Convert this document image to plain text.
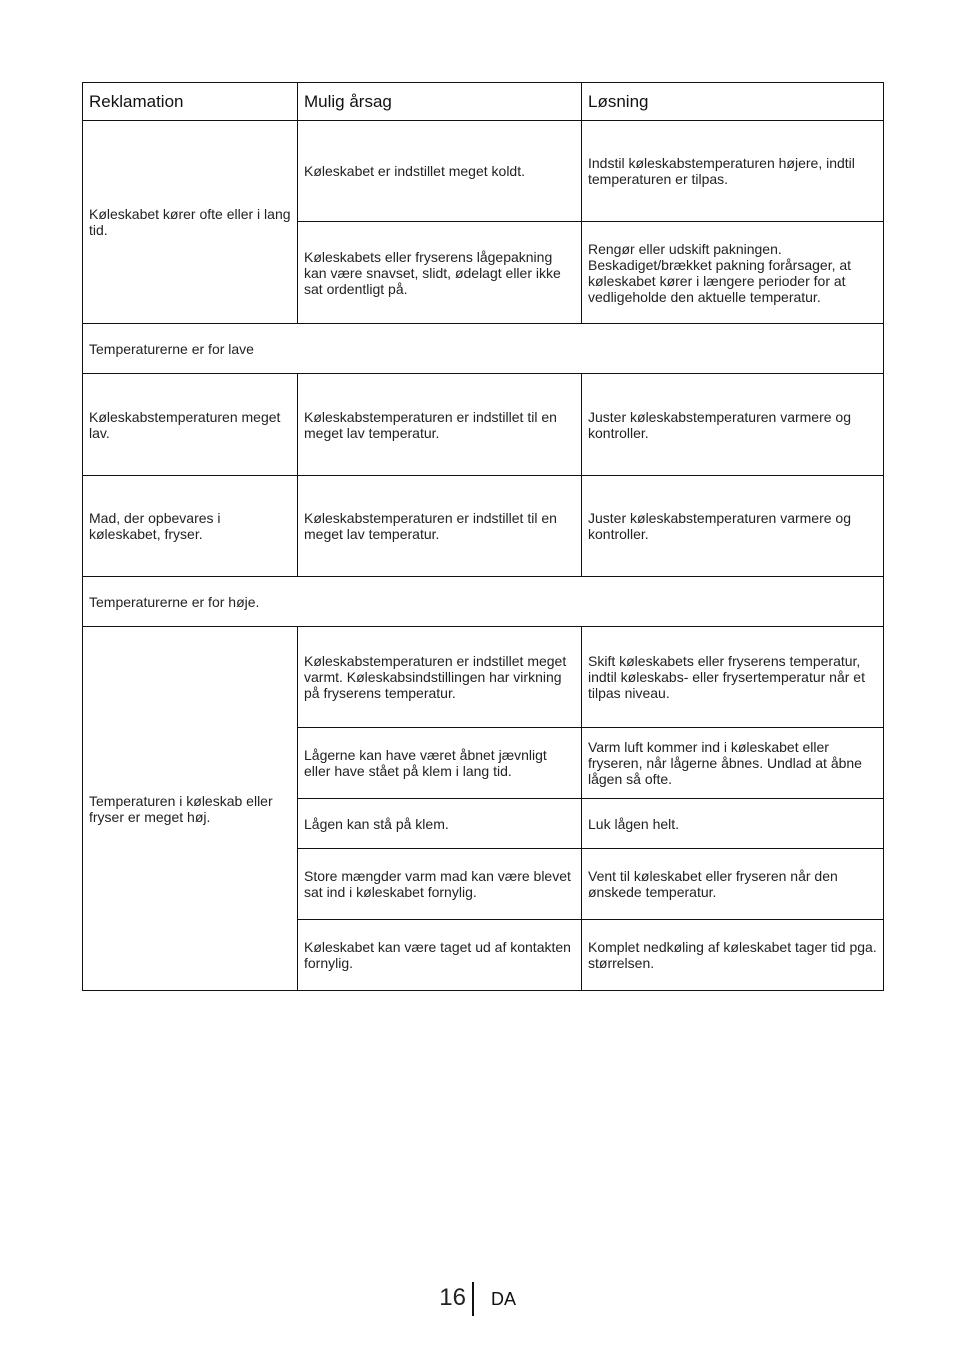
Reklamation	Mulig årsag	Løsning
Køleskabet kører ofte eller i lang tid.	Køleskabet er indstillet meget koldt.	Indstil køleskabstemperaturen højere, indtil temperaturen er tilpas.
	Køleskabets eller fryserens lågepakning kan være snavset, slidt, ødelagt eller ikke sat ordentligt på.	Rengør eller udskift pakningen. Beskadiget/brækket pakning forårsager, at køleskabet kører i længere perioder for at vedligeholde den aktuelle temperatur.
Temperaturerne er for lave		
Køleskabstemperaturen meget lav.	Køleskabstemperaturen er indstillet til en meget lav temperatur.	Juster køleskabstemperaturen varmere og kontroller.
Mad, der opbevares i køleskabet, fryser.	Køleskabstemperaturen er indstillet til en meget lav temperatur.	Juster køleskabstemperaturen varmere og kontroller.
Temperaturerne er for høje.		
Temperaturen i køleskab eller fryser er meget høj.	Køleskabstemperaturen er indstillet meget varmt. Køleskabsindstillingen har virkning på fryserens temperatur.	Skift køleskabets eller fryserens temperatur, indtil køleskabs- eller frysertemperatur når et tilpas niveau.
	Lågerne kan have været åbnet jævnligt eller have stået på klem i lang tid.	Varm luft kommer ind i køleskabet eller fryseren, når lågerne åbnes. Undlad at åbne lågen så ofte.
	Lågen kan stå på klem.	Luk lågen helt.
	Store mængder varm mad kan være blevet sat ind i køleskabet fornylig.	Vent til køleskabet eller fryseren når den ønskede temperatur.
	Køleskabet kan være taget ud af kontakten fornylig.	Komplet nedkøling af køleskabet tager tid pga. størrelsen.
16 DA
